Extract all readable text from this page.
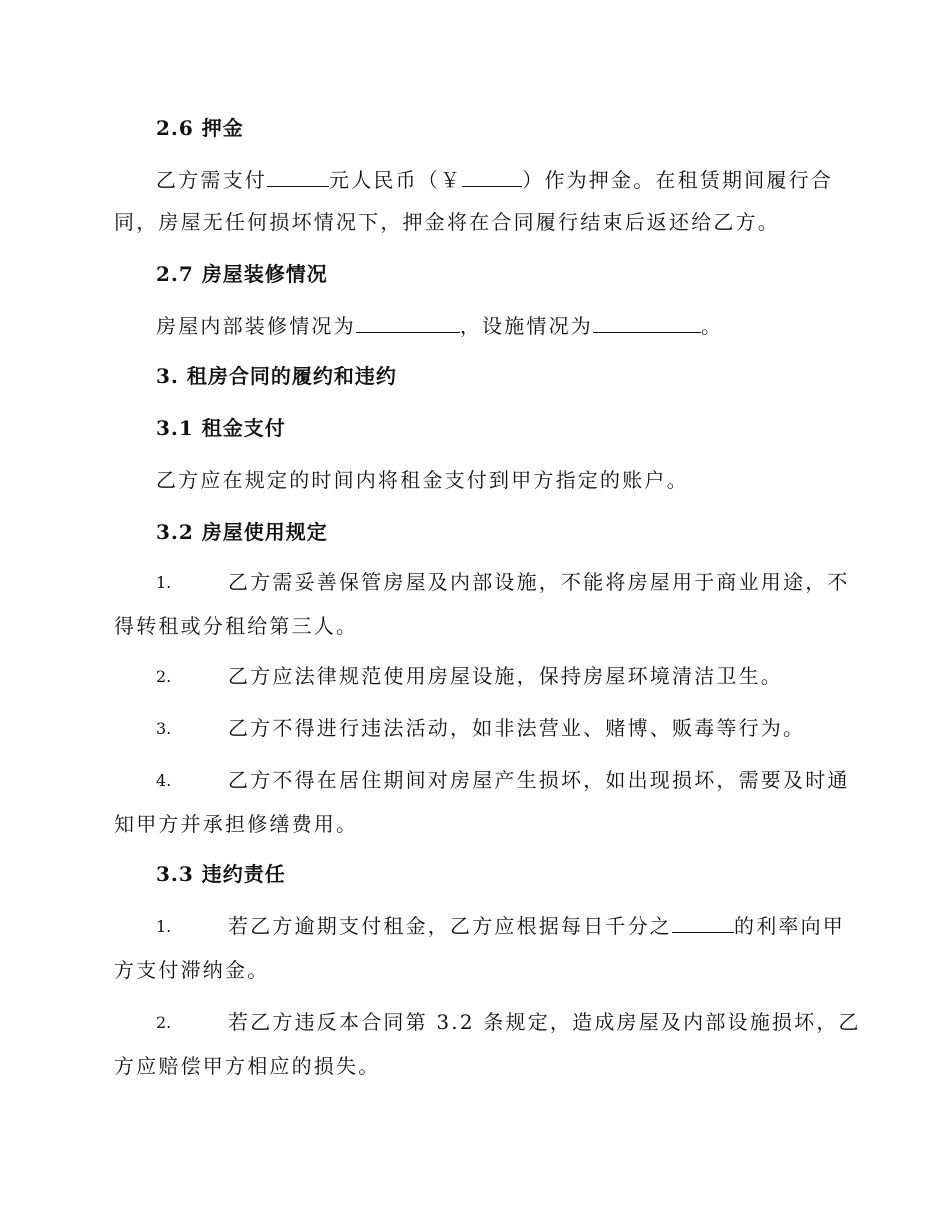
2.6 押金
乙方需支付	元人民币（￥	）作为押金。在租赁期间履行合
同，房屋无任何损坏情况下，押金将在合同履行结束后返还给乙方。
2.7 房屋装修情况
房屋内部装修情况为	，设施情况为	。
3. 租房合同的履约和违约
3.1 租金支付
乙方应在规定的时间内将租金支付到甲方指定的账户。
3.2 房屋使用规定
1.	乙方需妥善保管房屋及内部设施，不能将房屋用于商业用途，不
得转租或分租给第三人。
2.	乙方应法律规范使用房屋设施，保持房屋环境清洁卫生。
3.	乙方不得进行违法活动，如非法营业、赌博、贩毒等行为。
4.	乙方不得在居住期间对房屋产生损坏，如出现损坏，需要及时通
知甲方并承担修缮费用。
3.3 违约责任
1.	若乙方逾期支付租金，乙方应根据每日千分之	的利率向甲
方支付滞纳金。
2.	若乙方违反本合同第 3.2 条规定，造成房屋及内部设施损坏，乙
方应赔偿甲方相应的损失。
